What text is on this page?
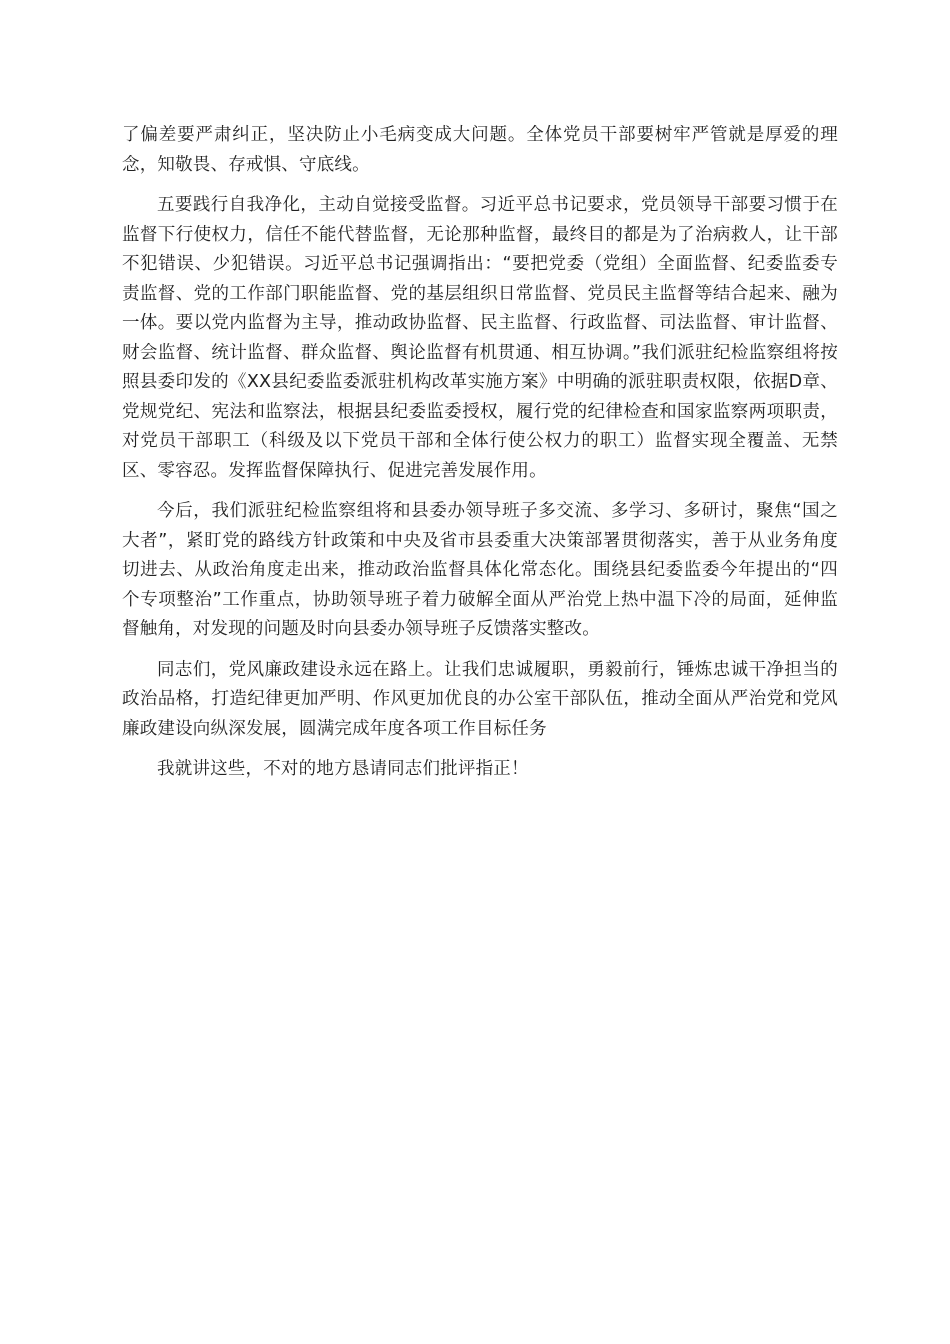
了偏差要严肃纠正，坚决防止小毛病变成大问题。全体党员干部要树牢严管就是厚爱的理念，知敬畏、存戒惧、守底线。

五要践行自我净化，主动自觉接受监督。习近平总书记要求，党员领导干部要习惯于在监督下行使权力，信任不能代替监督，无论那种监督，最终目的都是为了治病救人，让干部不犯错误、少犯错误。习近平总书记强调指出：“要把党委（党组）全面监督、纪委监委专责监督、党的工作部门职能监督、党的基层组织日常监督、党员民主监督等结合起来、融为一体。要以党内监督为主导，推动政协监督、民主监督、行政监督、司法监督、审计监督、财会监督、统计监督、群众监督、舆论监督有机贯通、相互协调。”我们派驻纪检监察组将按照县委印发的《XX县纪委监委派驻机构改革实施方案》中明确的派驻职责权限，依据D章、党规党纪、宪法和监察法，根据县纪委监委授权，履行党的纪律检查和国家监察两项职责，对党员干部职工（科级及以下党员干部和全体行使公权力的职工）监督实现全覆盖、无禁区、零容忍。发挥监督保障执行、促进完善发展作用。

今后，我们派驻纪检监察组将和县委办领导班子多交流、多学习、多研讨，聚焦“国之大者”，紧盯党的路线方针政策和中央及省市县委重大决策部署贯彻落实，善于从业务角度切进去、从政治角度走出来，推动政治监督具体化常态化。围绕县纪委监委今年提出的“四个专项整治”工作重点，协助领导班子着力破解全面从严治党上热中温下冷的局面，延伸监督触角，对发现的问题及时向县委办领导班子反馈落实整改。

同志们，党风廉政建设永远在路上。让我们忠诚履职，勇毅前行，锤炼忠诚干净担当的政治品格，打造纪律更加严明、作风更加优良的办公室干部队伍，推动全面从严治党和党风廉政建设向纵深发展，圆满完成年度各项工作目标任务

我就讲这些，不对的地方恳请同志们批评指正！
